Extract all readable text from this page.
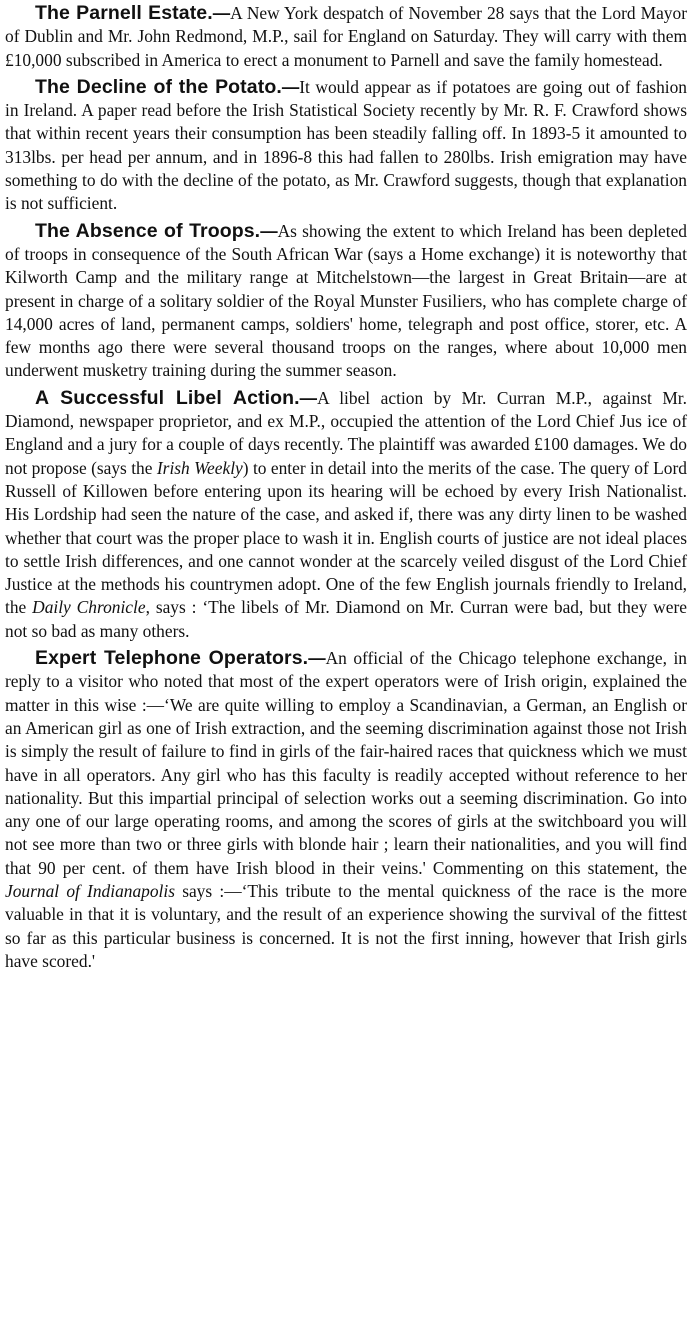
The Parnell Estate.—A New York despatch of November 28 says that the Lord Mayor of Dublin and Mr. John Redmond, M.P., sail for England on Saturday. They will carry with them £10,000 subscribed in America to erect a monument to Parnell and save the family homestead.

The Decline of the Potato.—It would appear as if potatoes are going out of fashion in Ireland. A paper read before the Irish Statistical Society recently by Mr. R. F. Crawford shows that within recent years their consumption has been steadily falling off. In 1893-5 it amounted to 313lbs. per head per annum, and in 1896-8 this had fallen to 280lbs. Irish emigration may have something to do with the decline of the potato, as Mr. Crawford suggests, though that explanation is not sufficient.

The Absence of Troops.—As showing the extent to which Ireland has been depleted of troops in consequence of the South African War (says a Home exchange) it is noteworthy that Kilworth Camp and the military range at Mitchelstown—the largest in Great Britain—are at present in charge of a solitary soldier of the Royal Munster Fusiliers, who has complete charge of 14,000 acres of land, permanent camps, soldiers' home, telegraph and post office, storer, etc. A few months ago there were several thousand troops on the ranges, where about 10,000 men underwent musketry training during the summer season.

A Successful Libel Action.—A libel action by Mr. Curran M.P., against Mr. Diamond, newspaper proprietor, and ex M.P., occupied the attention of the Lord Chief Jus ice of England and a jury for a couple of days recently. The plaintiff was awarded £100 damages. We do not propose (says the Irish Weekly) to enter in detail into the merits of the case. The query of Lord Russell of Killowen before entering upon its hearing will be echoed by every Irish Nationalist. His Lordship had seen the nature of the case, and asked if, there was any dirty linen to be washed whether that court was the proper place to wash it in. English courts of justice are not ideal places to settle Irish differences, and one cannot wonder at the scarcely veiled disgust of the Lord Chief Justice at the methods his countrymen adopt. One of the few English journals friendly to Ireland, the Daily Chronicle, says : ‘The libels of Mr. Diamond on Mr. Curran were bad, but they were not so bad as many others.

Expert Telephone Operators.—An official of the Chicago telephone exchange, in reply to a visitor who noted that most of the expert operators were of Irish origin, explained the matter in this wise :—‘We are quite willing to employ a Scandinavian, a German, an English or an American girl as one of Irish extraction, and the seeming discrimination against those not Irish is simply the result of failure to find in girls of the fair-haired races that quickness which we must have in all operators. Any girl who has this faculty is readily accepted without reference to her nationality. But this impartial principal of selection works out a seeming discrimination. Go into any one of our large operating rooms, and among the scores of girls at the switchboard you will not see more than two or three girls with blonde hair ; learn their nationalities, and you will find that 90 per cent. of them have Irish blood in their veins.' Commenting on this statement, the Journal of Indianapolis says :—‘This tribute to the mental quickness of the race is the more valuable in that it is voluntary, and the result of an experience showing the survival of the fittest so far as this particular business is concerned. It is not the first inning, however that Irish girls have scored.'
